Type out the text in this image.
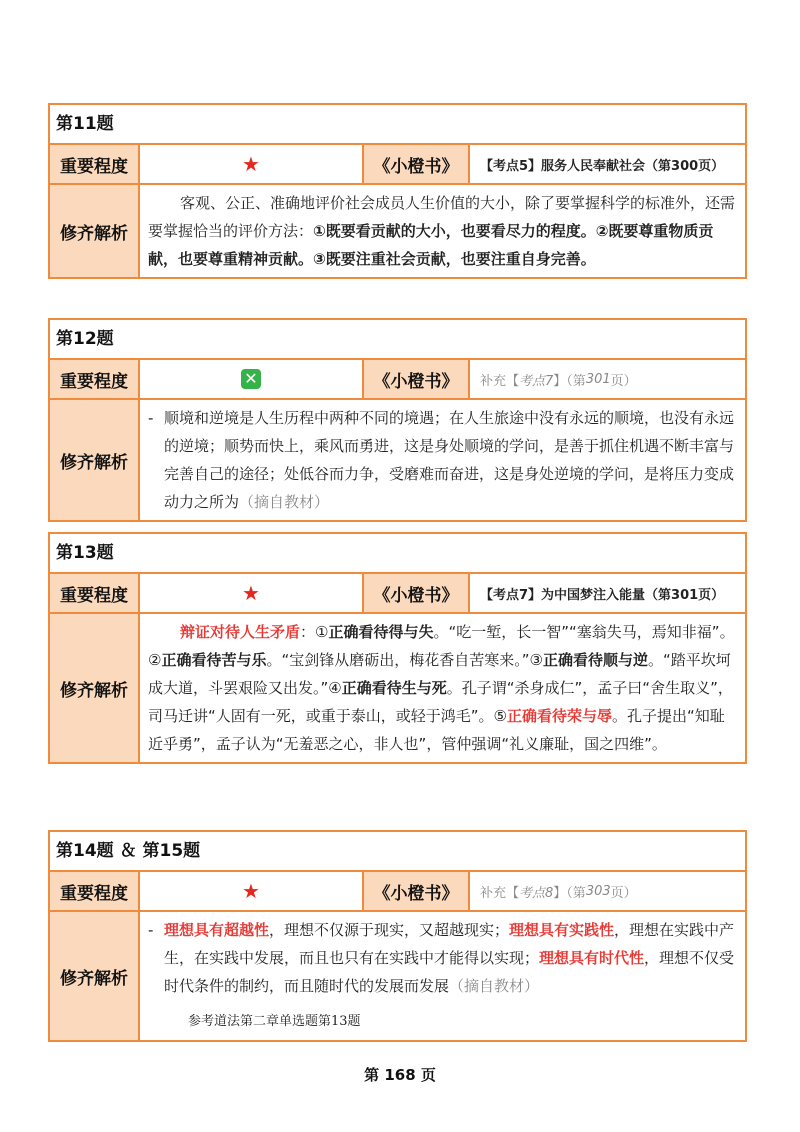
第11题
重要程度	★	《小橙书》	【考点5】服务人民奉献社会（第300页）
修齐解析
客观、公正、准确地评价社会成员人生价值的大小，除了要掌握科学的标准外，还需要掌握恰当的评价方法：①既要看贡献的大小，也要看尽力的程度。②既要尊重物质贡献，也要尊重精神贡献。③既要注重社会贡献，也要注重自身完善。
第12题
重要程度	✕	《小橙书》	补充【 考点7 】（第 301 页）
修齐解析
- 顺境和逆境是人生历程中两种不同的境遇；在人生旅途中没有永远的顺境，也没有永远的逆境；顺势而快上，乘风而勇进，这是身处顺境的学问，是善于抓住机遇不断丰富与完善自己的途径；处低谷而力争，受磨难而奋进，这是身处逆境的学问，是将压力变成动力之所为（摘自教材）
第13题
重要程度	★	《小橙书》	【考点7】为中国梦注入能量（第301页）
修齐解析
辩证对待人生矛盾：①正确看待得与失。“吃一堑，长一智”“塞翁失马，焉知非福”。②正确看待苦与乐。“宝剑锋从磨砺出，梅花香自苦寒来。”③正确看待顺与逆。“踏平坎坷成大道，斗罢艰险又出发。”④正确看待生与死。孔子谓“杀身成仁”，孟子曰“舍生取义”，司马迁讲“人固有一死，或重于泰山，或轻于鸿毛”。⑤正确看待荣与辱。孔子提出“知耻近乎勇”，孟子认为“无羞恶之心，非人也”，管仲强调“礼义廉耻，国之四维”。
第14题 ＆ 第15题
重要程度	★	《小橙书》	补充【 考点8 】（第 303 页）
修齐解析
- 理想具有超越性，理想不仅源于现实，又超越现实；理想具有实践性，理想在实践中产生，在实践中发展，而且也只有在实践中才能得以实现；理想具有时代性，理想不仅受时代条件的制约，而且随时代的发展而发展（摘自教材）
参考道法第二章单选题第13题
第 168 页
